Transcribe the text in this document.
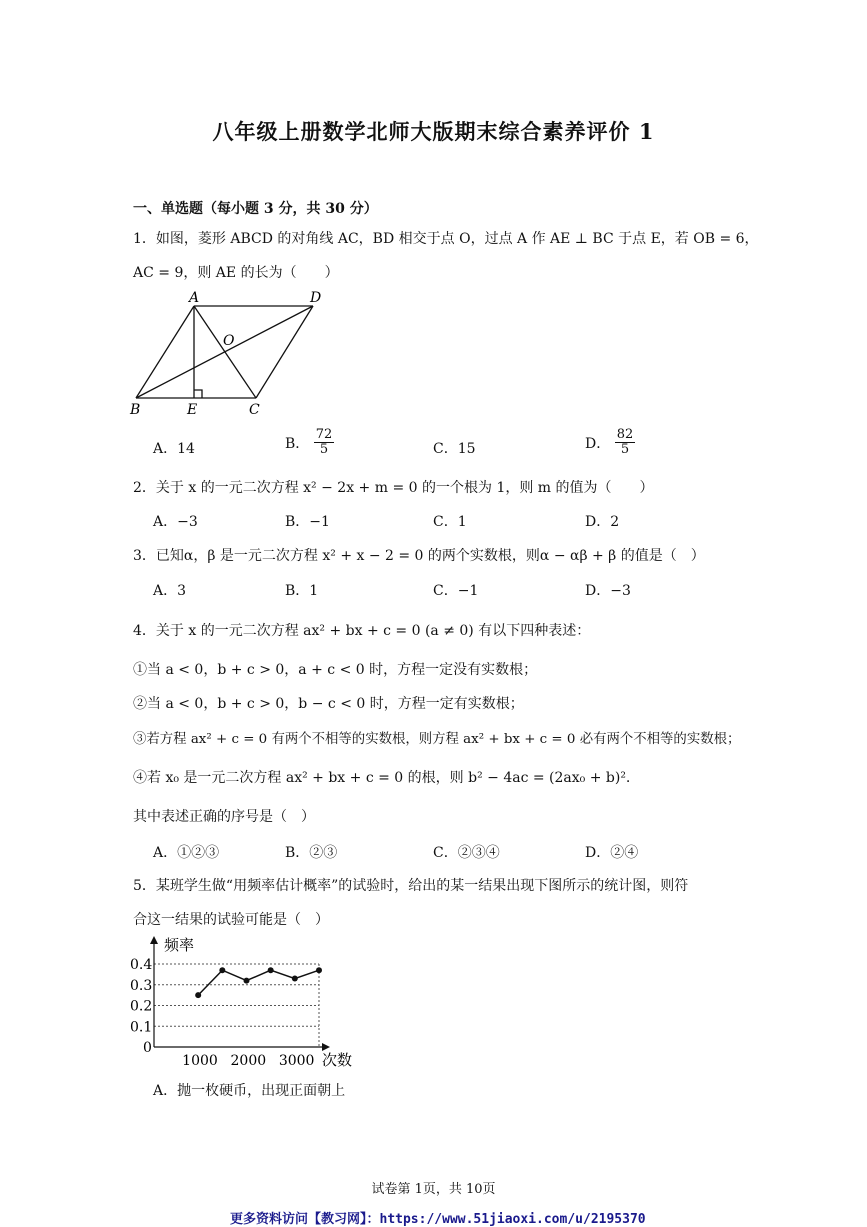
八年级上册数学北师大版期末综合素养评价 1
一、单选题（每小题 3 分，共 30 分）
1．如图，菱形 ABCD 的对角线 AC，BD 相交于点 O，过点 A 作 AE ⊥ BC 于点 E，若 OB = 6，
AC = 9，则 AE 的长为（　　）
A	D
O
B	E	C
A．14	B． $\frac{72}{5}$	C．15	D． $\frac{82}{5}$
2．关于 x 的一元二次方程 x² − 2x + m = 0 的一个根为 1，则 m 的值为（　　）
A．−3	B．−1	C．1	D．2
3．已知α，β 是一元二次方程 x² + x − 2 = 0 的两个实数根，则α − αβ + β 的值是（　）
A．3	B．1	C．−1	D．−3
4．关于 x 的一元二次方程 ax² + bx + c = 0 (a ≠ 0) 有以下四种表述：
①当 a < 0，b + c > 0，a + c < 0 时，方程一定没有实数根；
②当 a < 0，b + c > 0，b − c < 0 时，方程一定有实数根；
③若方程 ax² + c = 0 有两个不相等的实数根，则方程 ax² + bx + c = 0 必有两个不相等的实数根；
④若 x₀ 是一元二次方程 ax² + bx + c = 0 的根，则 b² − 4ac = (2ax₀ + b)².
其中表述正确的序号是（　）
A．①②③	B．②③	C．②③④	D．②④
5．某班学生做“用频率估计概率”的试验时，给出的某一结果出现下图所示的统计图，则符
合这一结果的试验可能是（　）
频率
次数
0.4
0.3
0.2
0.1
0
1000 2000 3000
A．抛一枚硬币，出现正面朝上
试卷第 1页，共 10页
更多资料访问【教习网】：https://www.51jiaoxi.com/u/2195370
